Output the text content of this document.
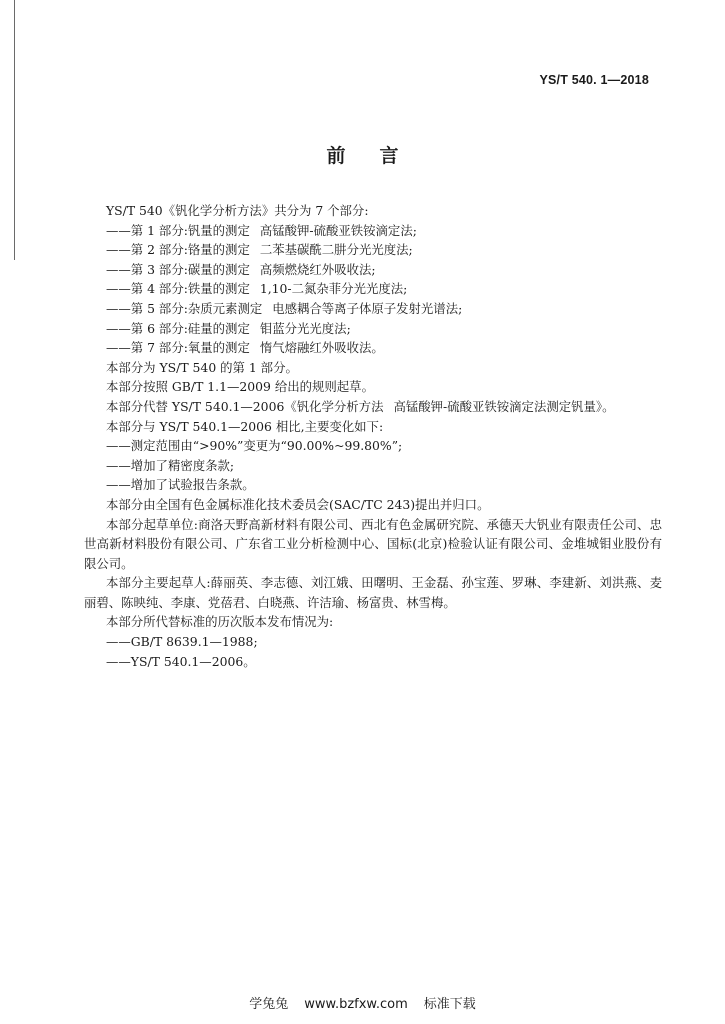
YS/T 540. 1—2018
前言
YS/T 540《钒化学分析方法》共分为 7 个部分:
——第 1 部分:钒量的测定 高锰酸钾-硫酸亚铁铵滴定法;
——第 2 部分:铬量的测定 二苯基碳酰二肼分光光度法;
——第 3 部分:碳量的测定 高频燃烧红外吸收法;
——第 4 部分:铁量的测定 1,10-二氮杂菲分光光度法;
——第 5 部分:杂质元素测定 电感耦合等离子体原子发射光谱法;
——第 6 部分:硅量的测定 钼蓝分光光度法;
——第 7 部分:氧量的测定 惰气熔融红外吸收法。
本部分为 YS/T 540 的第 1 部分。
本部分按照 GB/T 1.1—2009 给出的规则起草。
本部分代替 YS/T 540.1—2006《钒化学分析方法 高锰酸钾-硫酸亚铁铵滴定法测定钒量》。
本部分与 YS/T 540.1—2006 相比,主要变化如下:
——测定范围由“>90%”变更为“90.00%~99.80%”;
——增加了精密度条款;
——增加了试验报告条款。
本部分由全国有色金属标准化技术委员会(SAC/TC 243)提出并归口。
本部分起草单位:商洛天野高新材料有限公司、西北有色金属研究院、承德天大钒业有限责任公司、忠世高新材料股份有限公司、广东省工业分析检测中心、国标(北京)检验认证有限公司、金堆城钼业股份有限公司。
本部分主要起草人:薛丽英、李志德、刘江娥、田曙明、王金磊、孙宝莲、罗琳、李建新、刘洪燕、麦丽碧、陈映纯、李康、党蓓君、白晓燕、许洁瑜、杨富贵、林雪梅。
本部分所代替标准的历次版本发布情况为:
——GB/T 8639.1—1988;
——YS/T 540.1—2006。
学兔兔 www.bzfxw.com 标准下载
